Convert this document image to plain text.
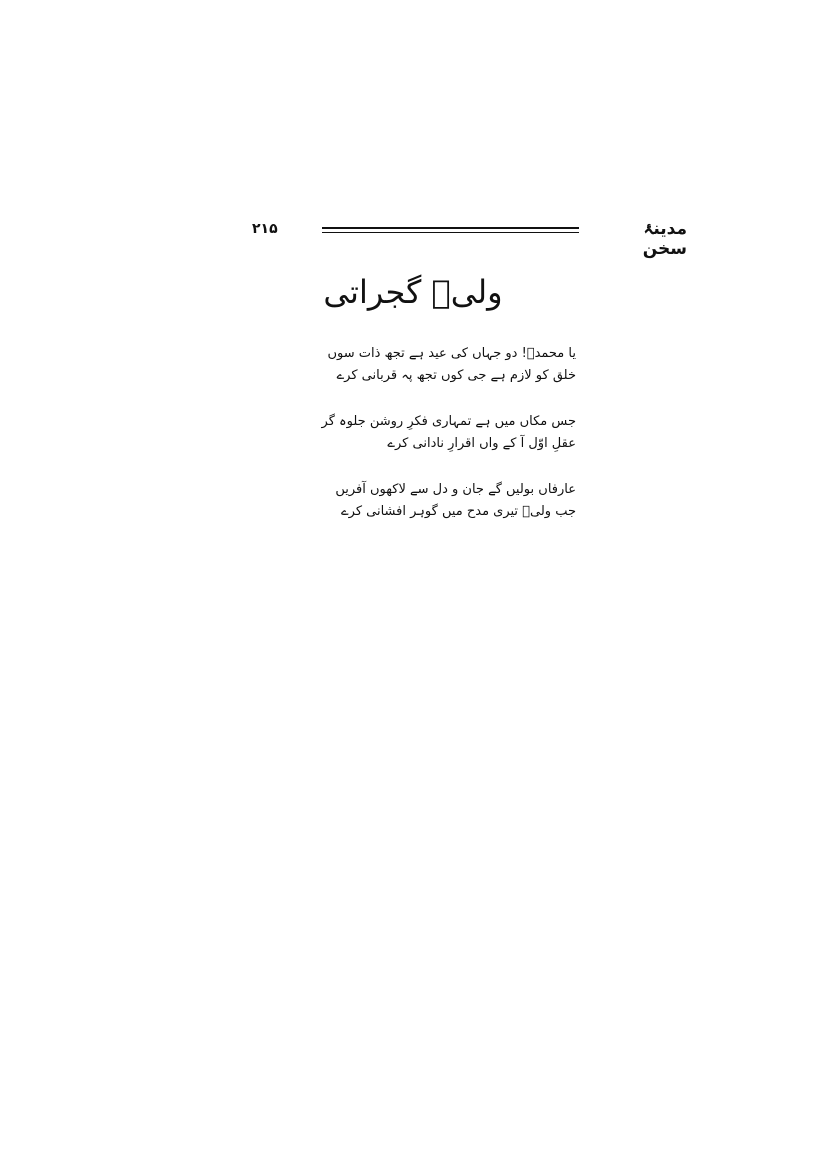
۲۱۵	مدینۂ سخن
ولیؔ گجراتی
یا محمدؐ! دو جہاں کی عید ہے تجھ ذات سوں
خلق کو لازم ہے جی کوں تجھ پہ قربانی کرے
جس مکاں میں ہے تمہاری فکرِ روشن جلوہ گر
عقلِ اوّل آ کے واں اقرارِ نادانی کرے
عارفاں بولیں گے جان و دل سے لاکھوں آفریں
جب ولیؔ تیری مدح میں گوہر افشانی کرے
